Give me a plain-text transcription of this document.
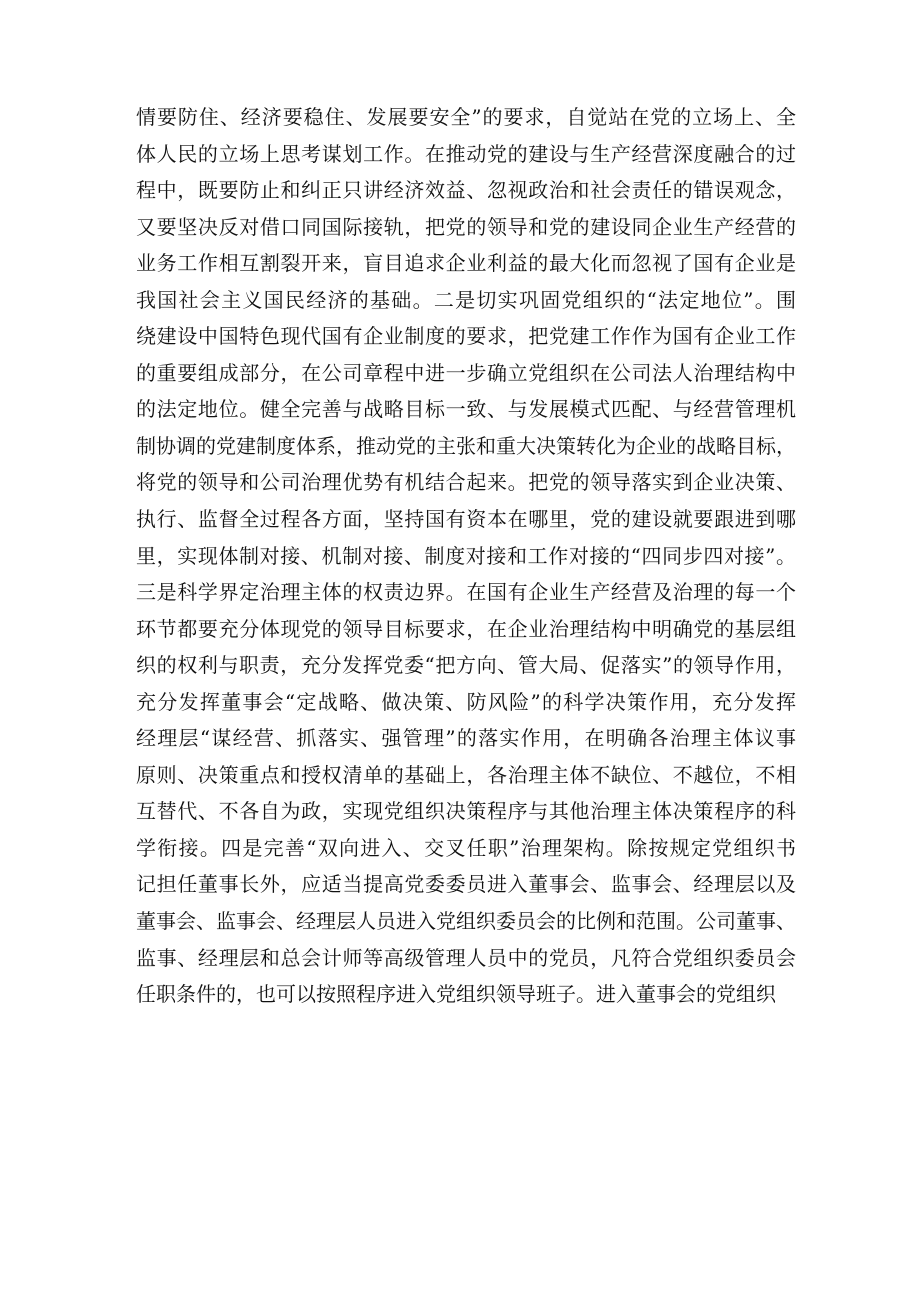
情要防住、经济要稳住、发展要安全”的要求，自觉站在党的立场上、全
体人民的立场上思考谋划工作。在推动党的建设与生产经营深度融合的过
程中，既要防止和纠正只讲经济效益、忽视政治和社会责任的错误观念，
又要坚决反对借口同国际接轨，把党的领导和党的建设同企业生产经营的
业务工作相互割裂开来，盲目追求企业利益的最大化而忽视了国有企业是
我国社会主义国民经济的基础。二是切实巩固党组织的“法定地位”。围
绕建设中国特色现代国有企业制度的要求，把党建工作作为国有企业工作
的重要组成部分，在公司章程中进一步确立党组织在公司法人治理结构中
的法定地位。健全完善与战略目标一致、与发展模式匹配、与经营管理机
制协调的党建制度体系，推动党的主张和重大决策转化为企业的战略目标，
将党的领导和公司治理优势有机结合起来。把党的领导落实到企业决策、
执行、监督全过程各方面，坚持国有资本在哪里，党的建设就要跟进到哪
里，实现体制对接、机制对接、制度对接和工作对接的“四同步四对接”。
三是科学界定治理主体的权责边界。在国有企业生产经营及治理的每一个
环节都要充分体现党的领导目标要求，在企业治理结构中明确党的基层组
织的权利与职责，充分发挥党委“把方向、管大局、促落实”的领导作用，
充分发挥董事会“定战略、做决策、防风险”的科学决策作用，充分发挥
经理层“谋经营、抓落实、强管理”的落实作用，在明确各治理主体议事
原则、决策重点和授权清单的基础上，各治理主体不缺位、不越位，不相
互替代、不各自为政，实现党组织决策程序与其他治理主体决策程序的科
学衔接。四是完善“双向进入、交叉任职”治理架构。除按规定党组织书
记担任董事长外，应适当提高党委委员进入董事会、监事会、经理层以及
董事会、监事会、经理层人员进入党组织委员会的比例和范围。公司董事、
监事、经理层和总会计师等高级管理人员中的党员，凡符合党组织委员会
任职条件的，也可以按照程序进入党组织领导班子。进入董事会的党组织
